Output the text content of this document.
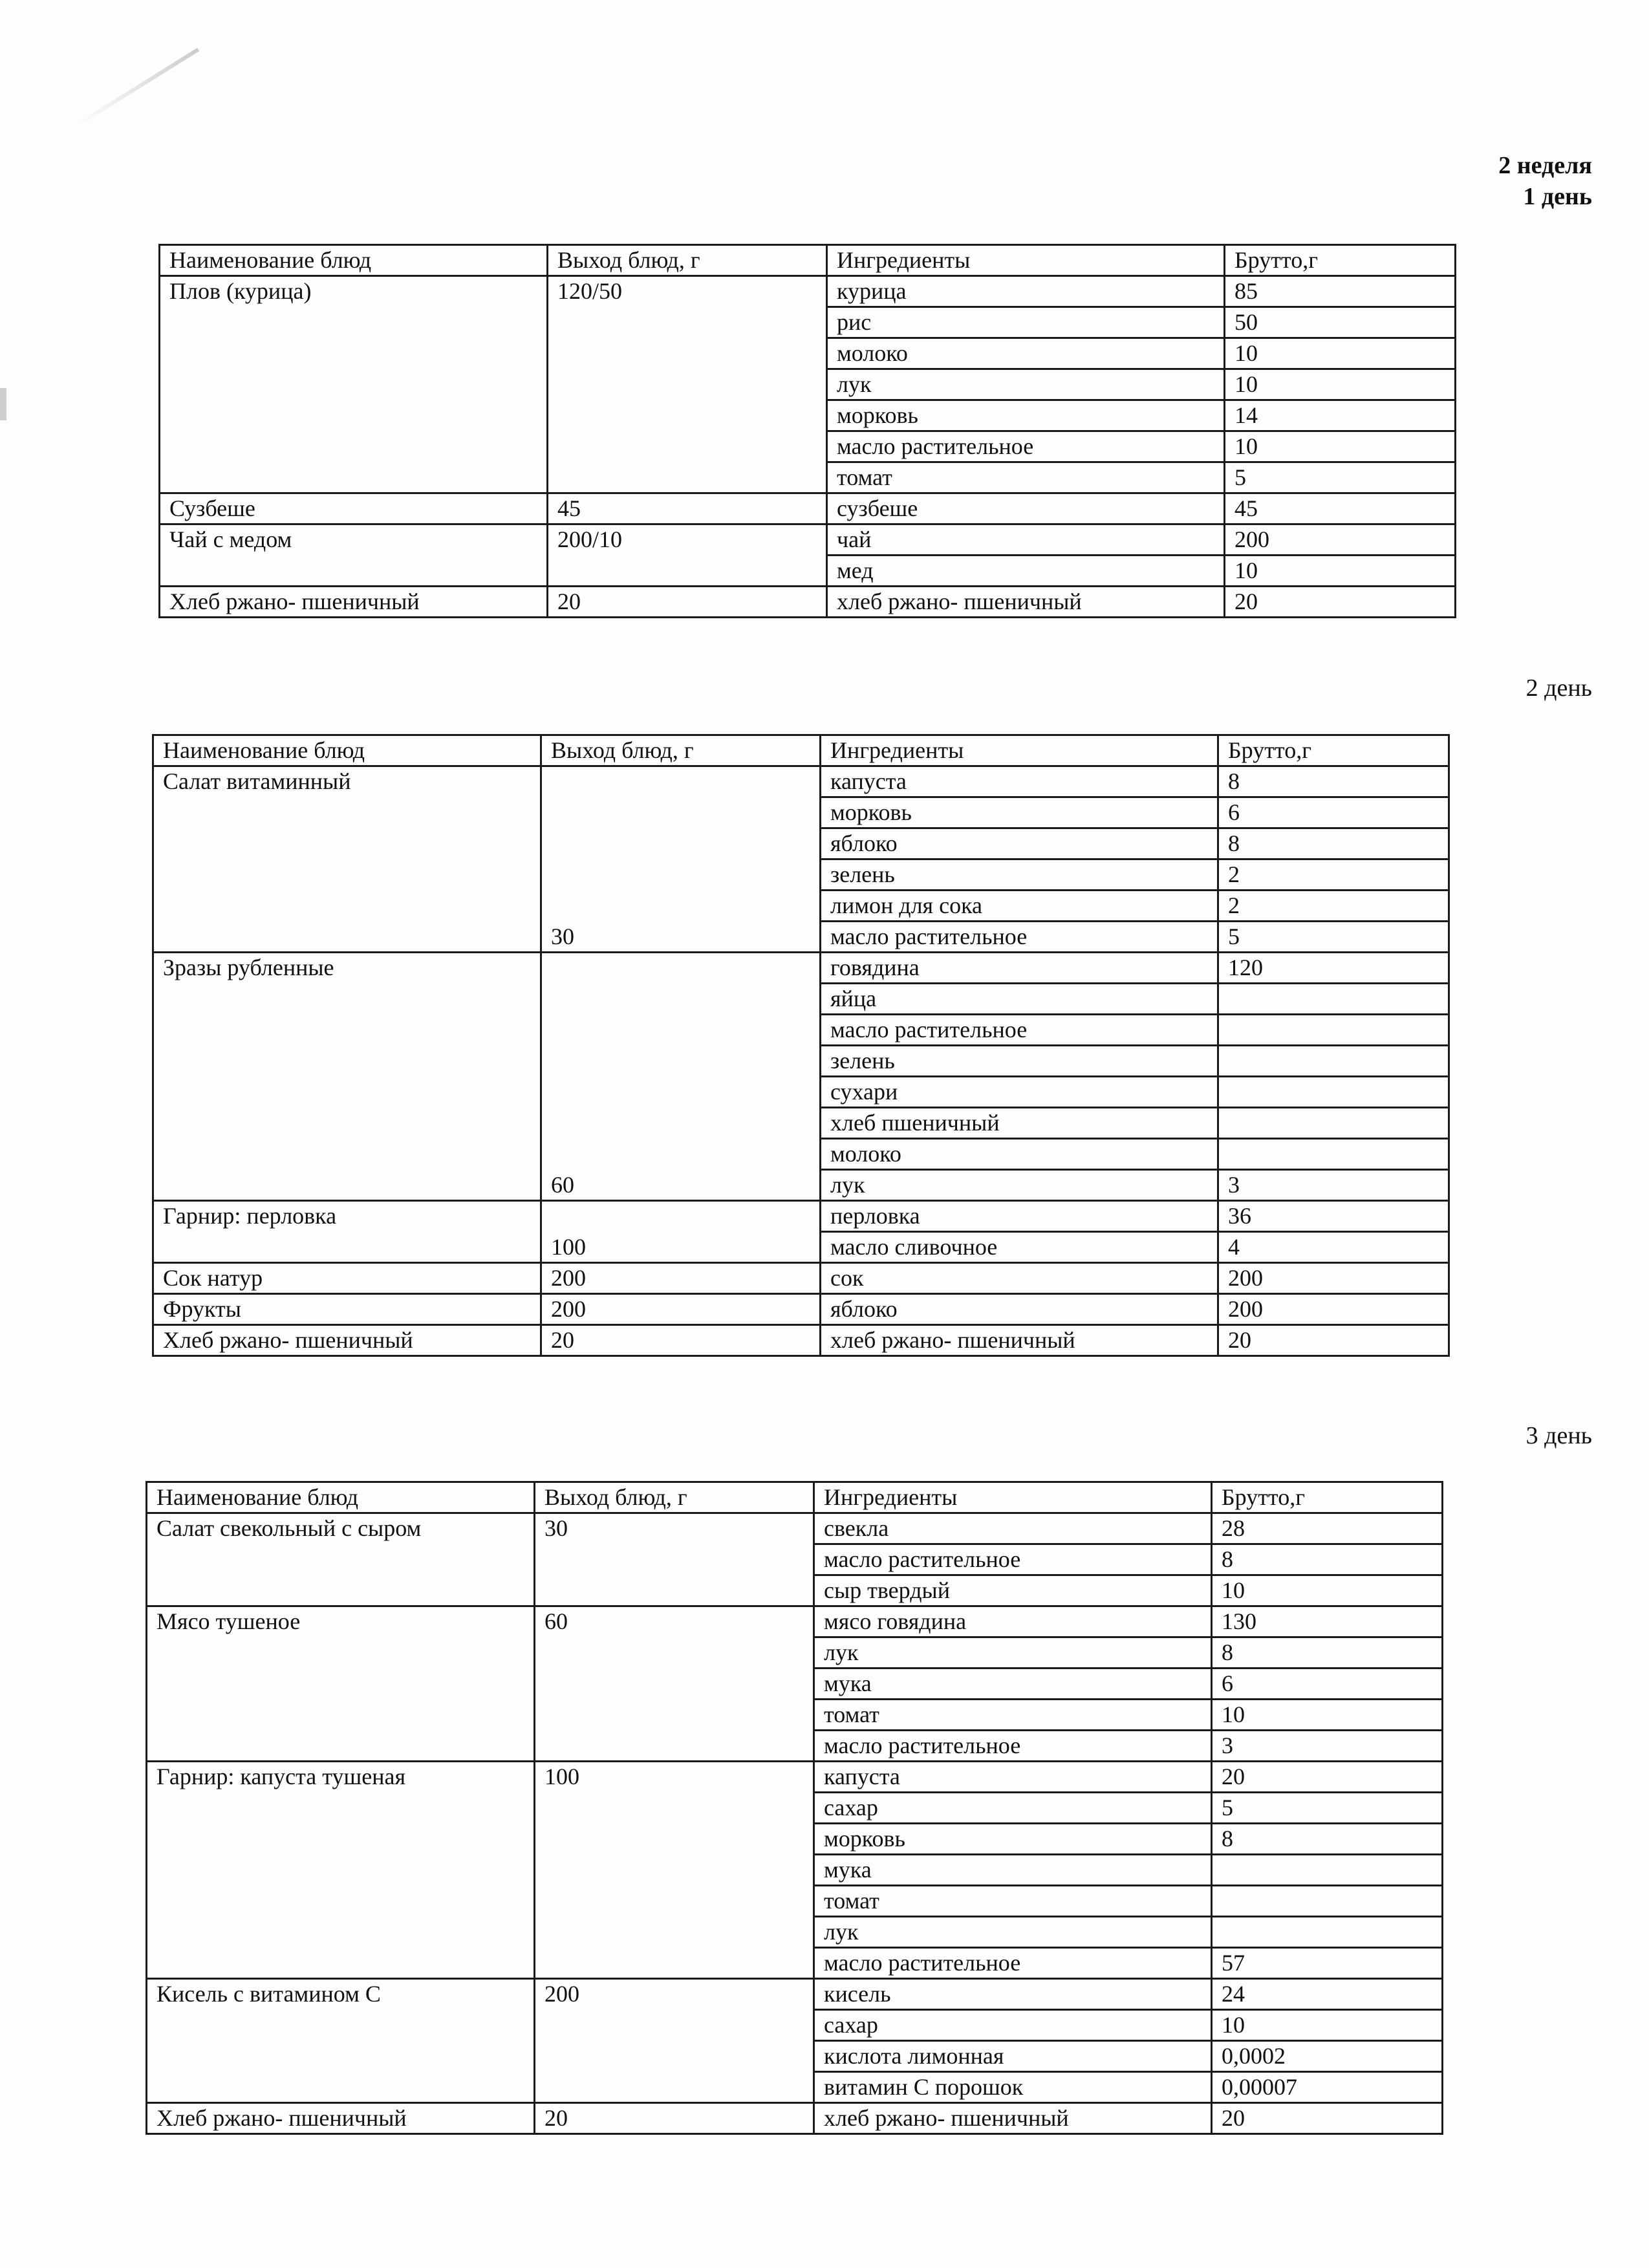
2 неделя
1 день
2 день
3 день
Наименование блюд	Выход блюд, г	Ингредиенты	Брутто,г
Плов (курица)	120/50	курица	85
		рис	50
		молоко	10
		лук	10
		морковь	14
		масло растительное	10
		томат	5
Сузбеше	45	сузбеше	45
Чай с медом	200/10	чай	200
		мед	10
Хлеб ржано- пшеничный	20	хлеб ржано- пшеничный	20
Наименование блюд	Выход блюд, г	Ингредиенты	Брутто,г
Салат витаминный	30	капуста	8
		морковь	6
		яблоко	8
		зелень	2
		лимон для сока	2
		масло растительное	5
Зразы рубленные	60	говядина	120
		яйца	
		масло растительное	
		зелень	
		сухари	
		хлеб пшеничный	
		молоко	
		лук	3
Гарнир: перловка	100	перловка	36
		масло сливочное	4
Сок натур	200	сок	200
Фрукты	200	яблоко	200
Хлеб ржано- пшеничный	20	хлеб ржано- пшеничный	20
Наименование блюд	Выход блюд, г	Ингредиенты	Брутто,г
Салат свекольный с сыром	30	свекла	28
		масло растительное	8
		сыр твердый	10
Мясо тушеное	60	мясо говядина	130
		лук	8
		мука	6
		томат	10
		масло растительное	3
Гарнир: капуста тушеная	100	капуста	20
		сахар	5
		морковь	8
		мука	
		томат	
		лук	
		масло растительное	57
Кисель с витамином С	200	кисель	24
		сахар	10
		кислота лимонная	0,0002
		витамин С порошок	0,00007
Хлеб ржано- пшеничный	20	хлеб ржано- пшеничный	20
